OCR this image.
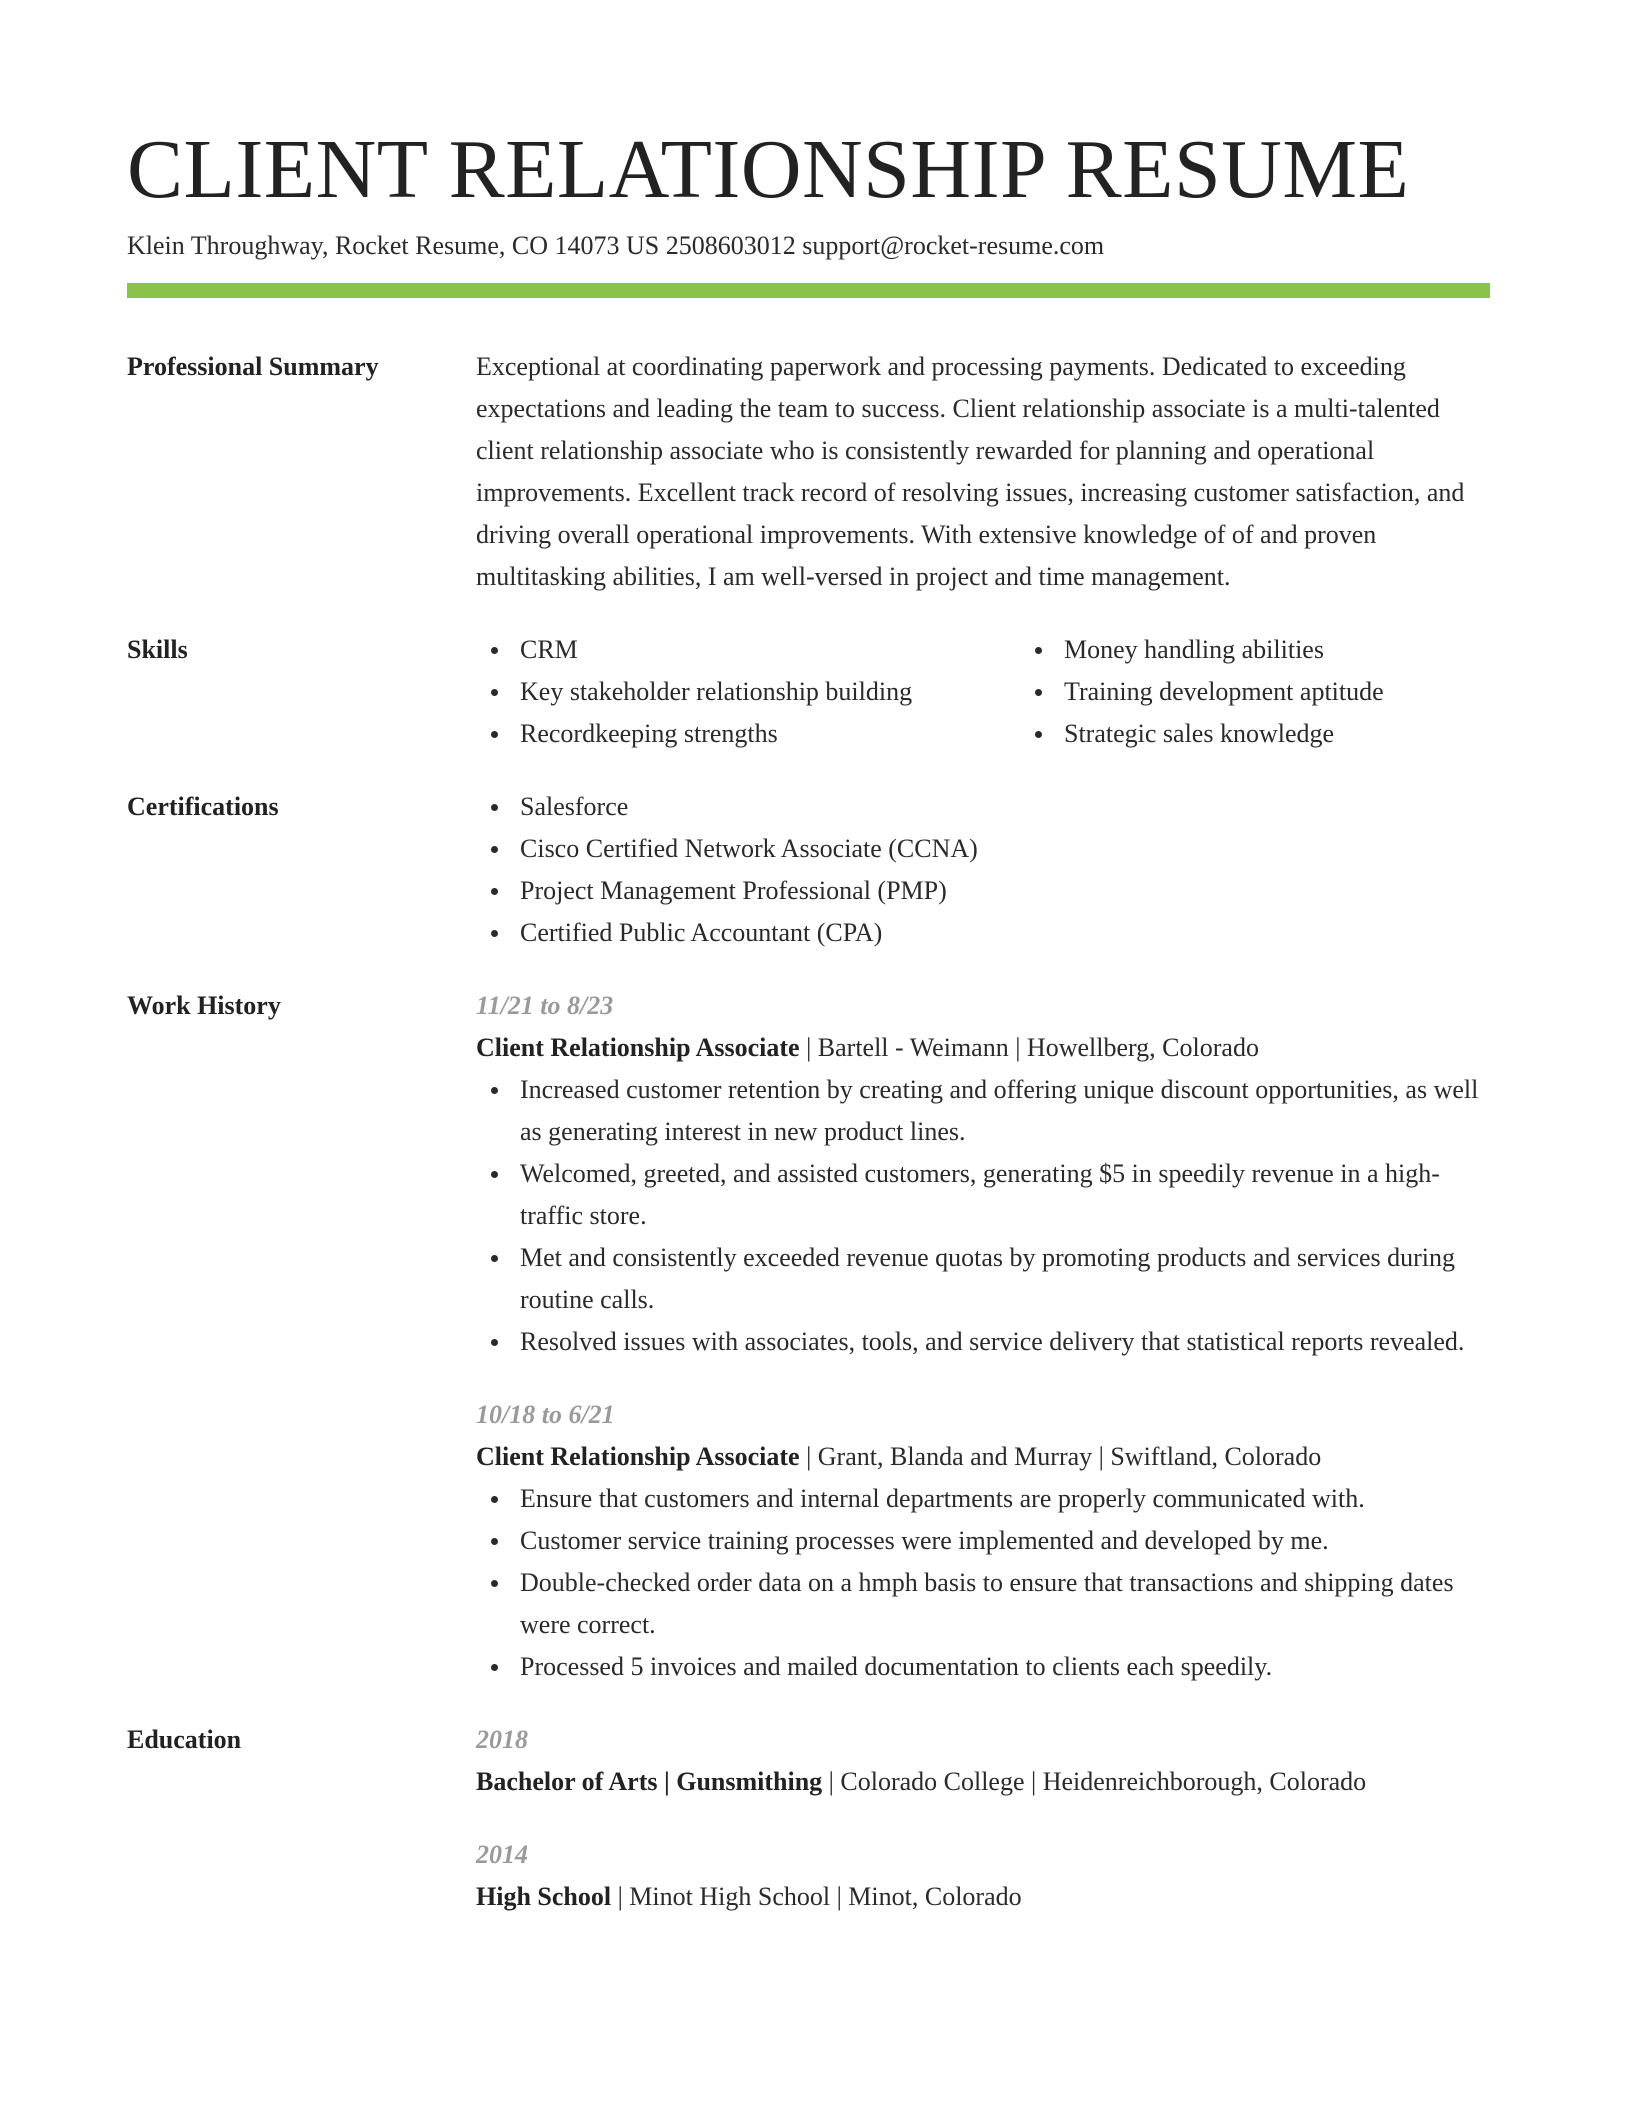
CLIENT RELATIONSHIP RESUME
Klein Throughway, Rocket Resume, CO 14073 US 2508603012 support@rocket-resume.com
Professional Summary	Exceptional at coordinating paperwork and processing payments. Dedicated to exceeding expectations and leading the team to success. Client relationship associate is a multi-talented client relationship associate who is consistently rewarded for planning and operational improvements. Excellent track record of resolving issues, increasing customer satisfaction, and driving overall operational improvements. With extensive knowledge of of and proven multitasking abilities, I am well-versed in project and time management.

Skills	CRM
Key stakeholder relationship building
Recordkeeping strengths
Money handling abilities
Training development aptitude
Strategic sales knowledge
Certifications	Salesforce
Cisco Certified Network Associate (CCNA)
Project Management Professional (PMP)
Certified Public Accountant (CPA)
Work History	11/21 to 8/23
Client Relationship Associate | Bartell - Weimann | Howellberg, Colorado
Increased customer retention by creating and offering unique discount opportunities, as well as generating interest in new product lines.
Welcomed, greeted, and assisted customers, generating $5 in speedily revenue in a high-traffic store.
Met and consistently exceeded revenue quotas by promoting products and services during routine calls.
Resolved issues with associates, tools, and service delivery that statistical reports revealed.
10/18 to 6/21
Client Relationship Associate | Grant, Blanda and Murray | Swiftland, Colorado
Ensure that customers and internal departments are properly communicated with.
Customer service training processes were implemented and developed by me.
Double-checked order data on a hmph basis to ensure that transactions and shipping dates were correct.
Processed 5 invoices and mailed documentation to clients each speedily.
Education	2018
Bachelor of Arts | Gunsmithing | Colorado College | Heidenreichborough, Colorado
2014
High School | Minot High School | Minot, Colorado
